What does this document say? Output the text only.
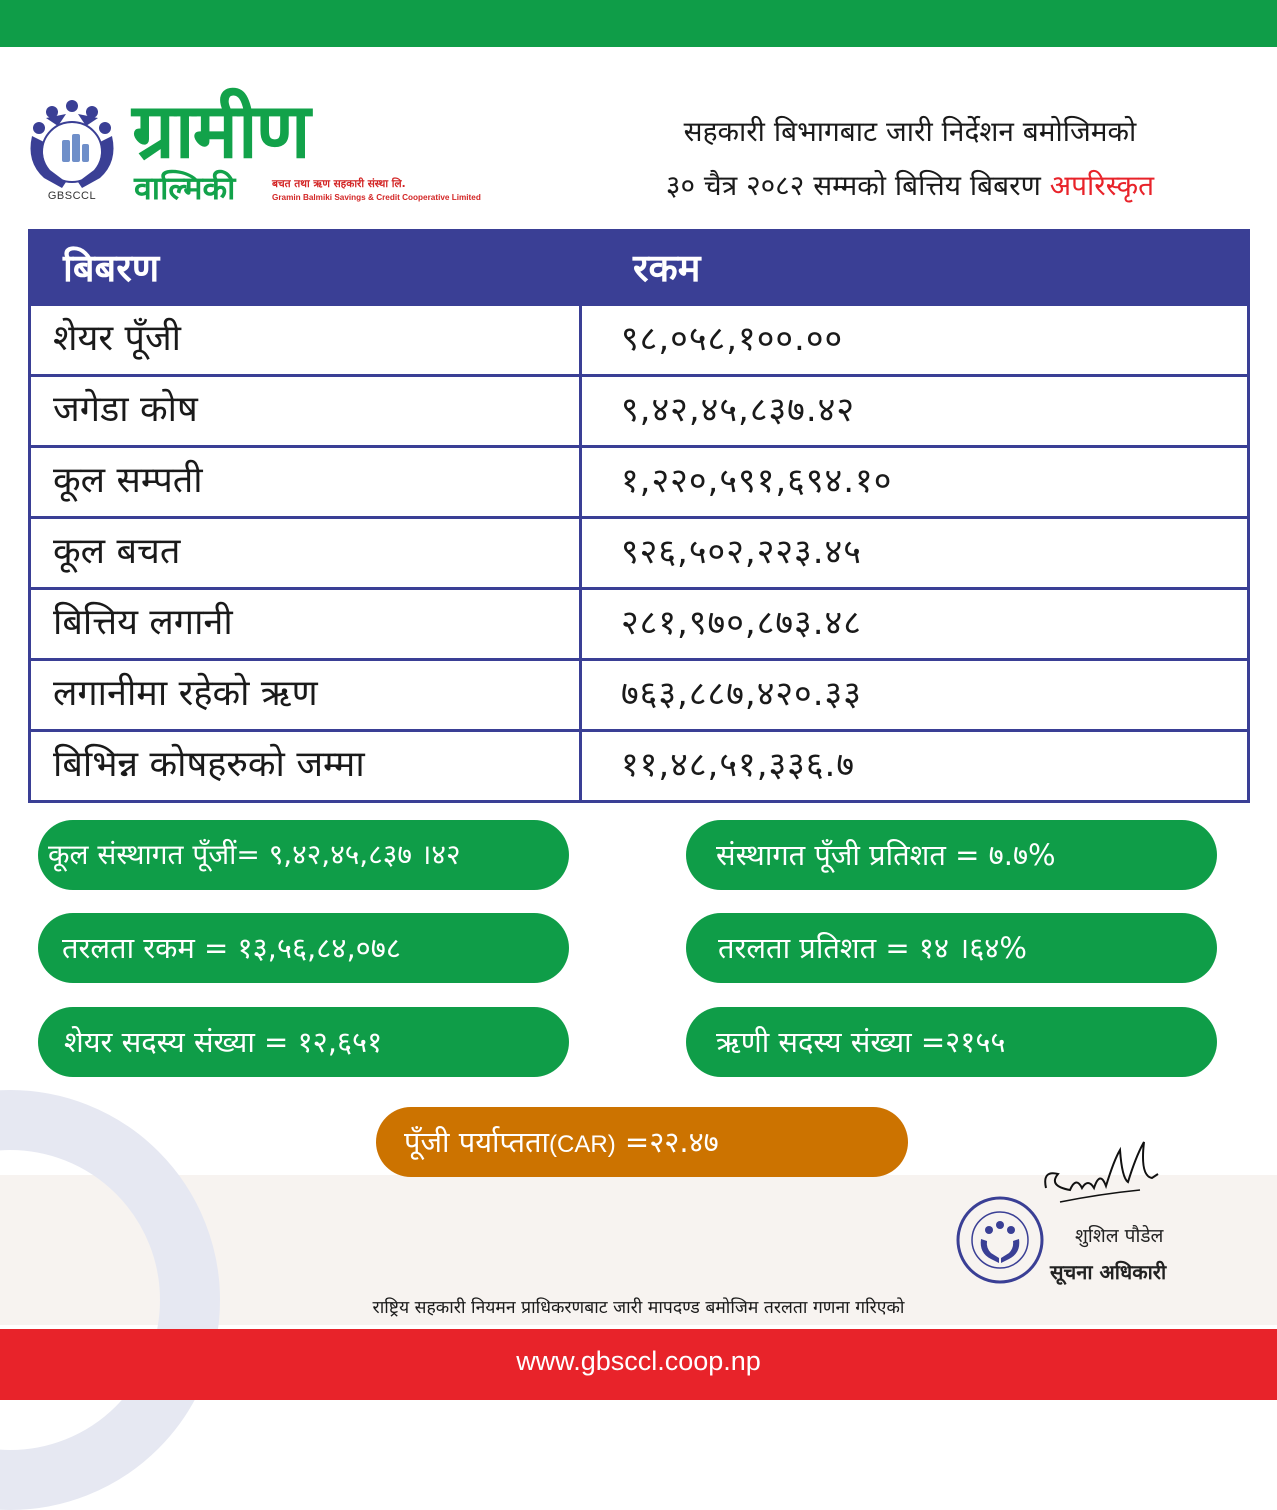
GBSCCL
ग्रामीण
वाल्मिकी	बचत तथा ऋण सहकारी संस्था लि.
Gramin Balmiki Savings & Credit Cooperative Limited
सहकारी बिभागबाट जारी निर्देशन बमोजिमको
३० चैत्र २०८२ सम्मको बित्तिय बिबरण अपरिस्कृत
बिबरण	रकम
शेयर पूँजी	९८,०५८,१००.००
जगेडा कोष	९,४२,४५,८३७.४२
कूल सम्पती	१,२२०,५९१,६९४.१०
कूल बचत	९२६,५०२,२२३.४५
बित्तिय लगानी	२८१,९७०,८७३.४८
लगानीमा रहेको ऋण	७६३,८८७,४२०.३३
बिभिन्न कोषहरुको जम्मा	११,४८,५१,३३६.७
कूल संस्थागत पूँजीं= ९,४२,४५,८३७ ।४२	संस्थागत पूँजी प्रतिशत = ७.७%
तरलता रकम = १३,५६,८४,०७८	तरलता प्रतिशत = १४ ।६४%
शेयर सदस्य संख्या = १२,६५१	ऋणी सदस्य संख्या =२१५५
पूँजी पर्याप्तता(CAR) =२२.४७
शुशिल पौडेल
सूचना अधिकारी
राष्ट्रिय सहकारी नियमन प्राधिकरणबाट जारी मापदण्ड बमोजिम तरलता गणना गरिएको
www.gbsccl.coop.np
